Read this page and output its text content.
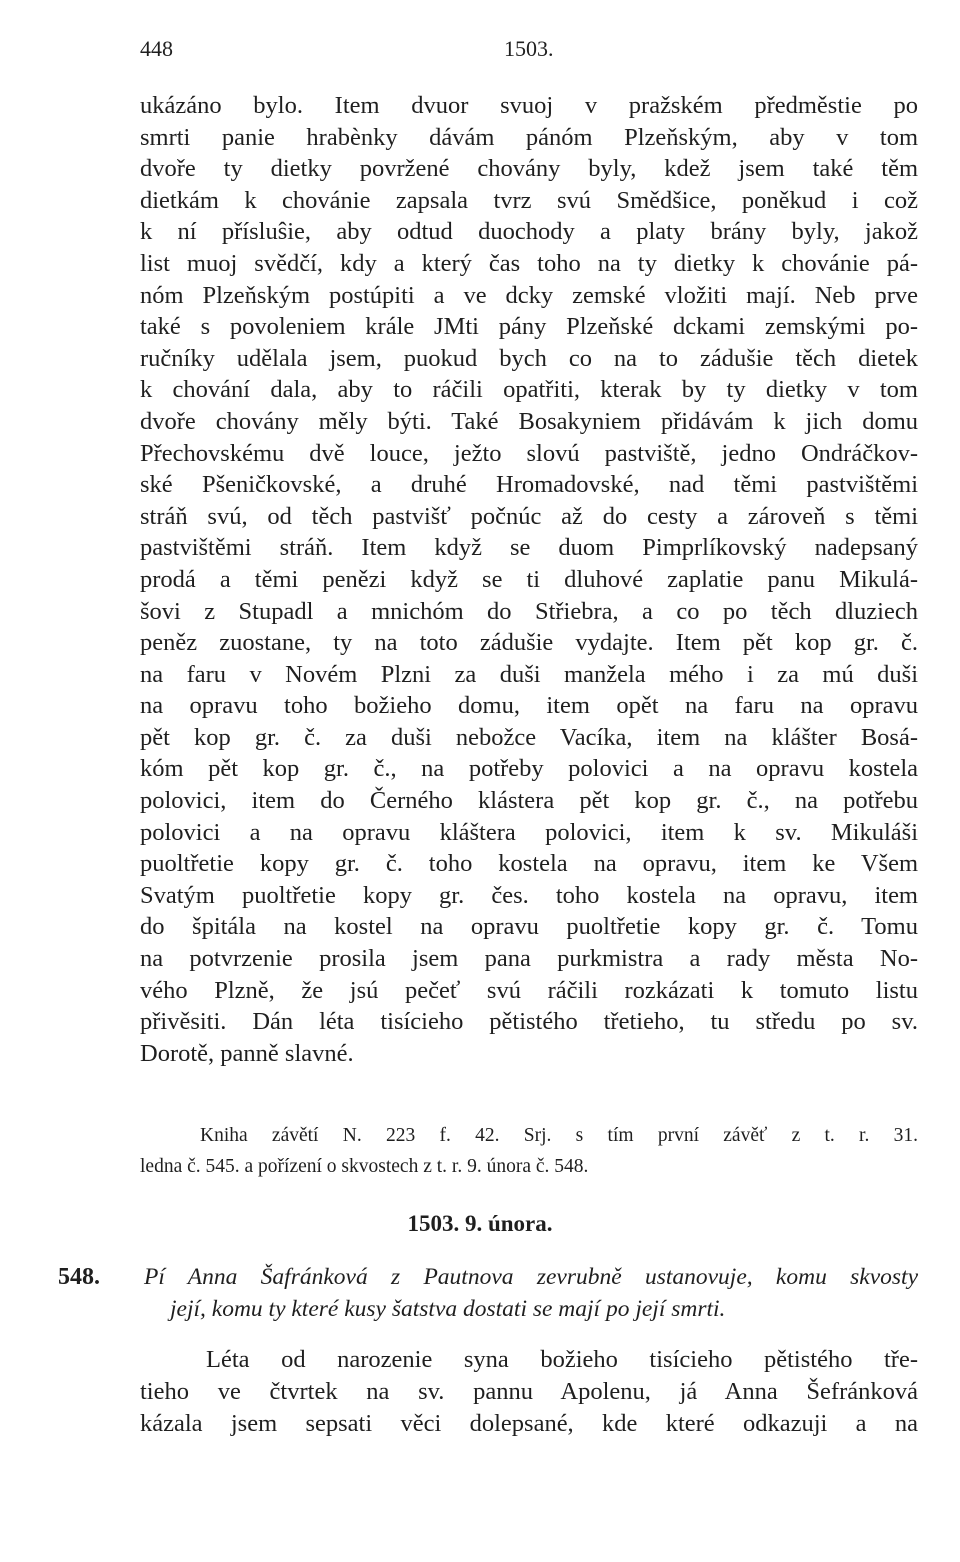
448	1503.
ukázáno bylo. Item dvuor svuoj v pražském předměstie po
smrti panie hrabènky dávám pánóm Plzeňským, aby v tom
dvoře ty dietky povržené chovány byly, kdež jsem také těm
dietkám k chovánie zapsala tvrz svú Smědšice, poněkud i což
k ní přísluŝie, aby odtud duochody a platy brány byly, jakož
list muoj svědčí, kdy a který čas toho na ty dietky k chovánie pá-
nóm Plzeňským postúpiti a ve dcky zemské vložiti mají. Neb prve
také s povoleniem krále JMti pány Plzeňské dckami zemskými po-
ručníky udělala jsem, puokud bych co na to zádušie těch dietek
k chování dala, aby to ráčili opatřiti, kterak by ty dietky v tom
dvoře chovány měly býti. Také Bosakyniem přidávám k jich domu
Přechovskému dvě louce, ježto slovú pastviště, jedno Ondráčkov-
ské Pšeničkovské, a druhé Hromadovské, nad těmi pastvištěmi
stráň svú, od těch pastvišť počnúc až do cesty a zároveň s těmi
pastvištěmi stráň. Item když se duom Pimprlíkovský nadepsaný
prodá a těmi penězi když se ti dluhové zaplatie panu Mikulá-
šovi z Stupadl a mnichóm do Střiebra, a co po těch dluziech
peněz zuostane, ty na toto zádušie vydajte. Item pět kop gr. č.
na faru v Novém Plzni za duši manžela mého i za mú duši
na opravu toho božieho domu, item opět na faru na opravu
pět kop gr. č. za duši nebožce Vacíka, item na klášter Bosá-
kóm pět kop gr. č., na potřeby polovici a na opravu kostela
polovici, item do Černého klástera pět kop gr. č., na potřebu
polovici a na opravu kláštera polovici, item k sv. Mikuláši
puoltřetie kopy gr. č. toho kostela na opravu, item ke Všem
Svatým puoltřetie kopy gr. čes. toho kostela na opravu, item
do špitála na kostel na opravu puoltřetie kopy gr. č. Tomu
na potvrzenie prosila jsem pana purkmistra a rady města No-
vého Plzně, že jsú pečeť svú ráčili rozkázati k tomuto listu
přivěsiti. Dán léta tisícieho pětistého třetieho, tu středu po sv.
Dorotě, panně slavné.
Kniha závětí N. 223 f. 42. Srj. s tím první závěť z t. r. 31.
ledna č. 545. a pořízení o skvostech z t. r. 9. února č. 548.
1503. 9. února.
548. Pí Anna Šafránková z Pautnova zevrubně ustanovuje, komu skvosty
její, komu ty které kusy šatstva dostati se mají po její smrti.
Léta od narozenie syna božieho tisícieho pětistého tře-
tieho ve čtvrtek na sv. pannu Apolenu, já Anna Šefránková
kázala jsem sepsati věci dolepsané, kde které odkazuji a na
